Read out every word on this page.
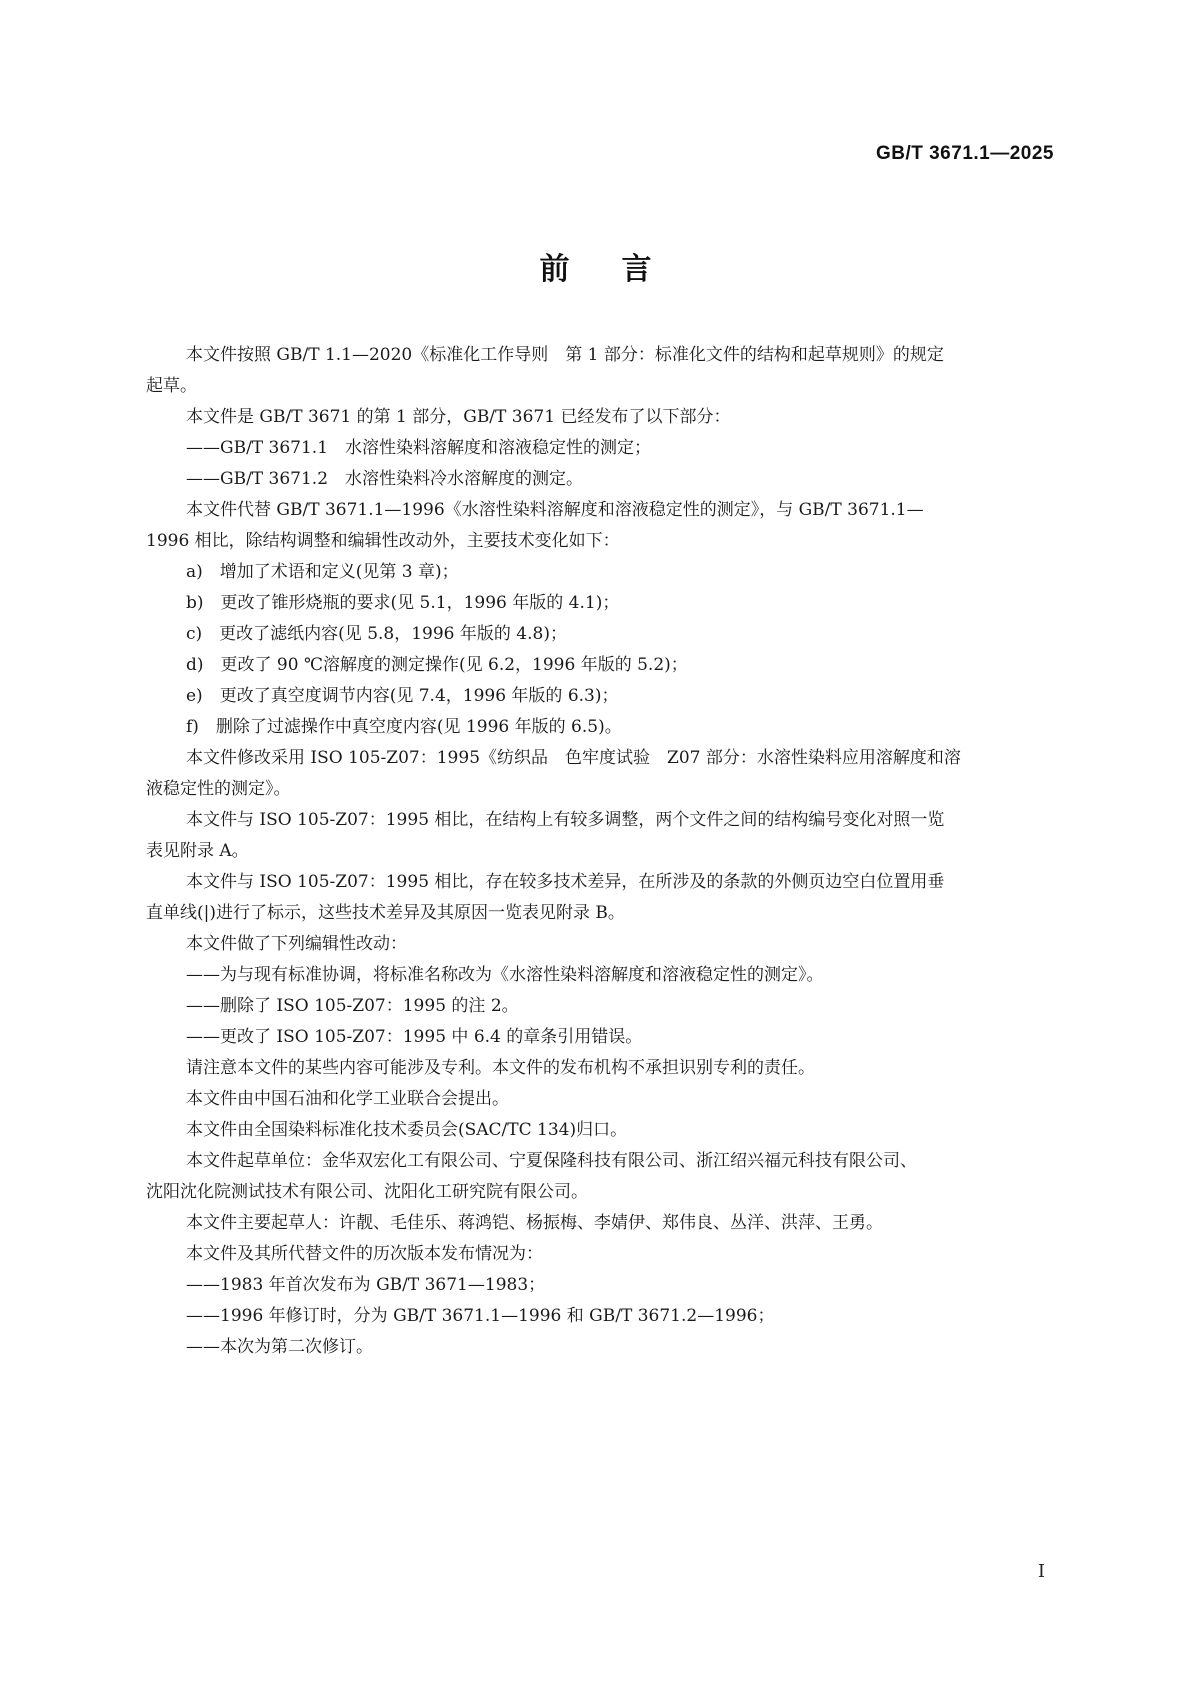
GB/T 3671.1—2025
前言
本文件按照 GB/T 1.1—2020《标准化工作导则　第 1 部分：标准化文件的结构和起草规则》的规定
起草。
本文件是 GB/T 3671 的第 1 部分，GB/T 3671 已经发布了以下部分：
——GB/T 3671.1　水溶性染料溶解度和溶液稳定性的测定；
——GB/T 3671.2　水溶性染料冷水溶解度的测定。
本文件代替 GB/T 3671.1—1996《水溶性染料溶解度和溶液稳定性的测定》，与 GB/T 3671.1—
1996 相比，除结构调整和编辑性改动外，主要技术变化如下：
a)　增加了术语和定义(见第 3 章)；
b)　更改了锥形烧瓶的要求(见 5.1，1996 年版的 4.1)；
c)　更改了滤纸内容(见 5.8，1996 年版的 4.8)；
d)　更改了 90 ℃溶解度的测定操作(见 6.2，1996 年版的 5.2)；
e)　更改了真空度调节内容(见 7.4，1996 年版的 6.3)；
f)　删除了过滤操作中真空度内容(见 1996 年版的 6.5)。
本文件修改采用 ISO 105-Z07：1995《纺织品　色牢度试验　Z07 部分：水溶性染料应用溶解度和溶
液稳定性的测定》。
本文件与 ISO 105-Z07：1995 相比，在结构上有较多调整，两个文件之间的结构编号变化对照一览
表见附录 A。
本文件与 ISO 105-Z07：1995 相比，存在较多技术差异，在所涉及的条款的外侧页边空白位置用垂
直单线(|)进行了标示，这些技术差异及其原因一览表见附录 B。
本文件做了下列编辑性改动：
——为与现有标准协调，将标准名称改为《水溶性染料溶解度和溶液稳定性的测定》。
——删除了 ISO 105-Z07：1995 的注 2。
——更改了 ISO 105-Z07：1995 中 6.4 的章条引用错误。
请注意本文件的某些内容可能涉及专利。本文件的发布机构不承担识别专利的责任。
本文件由中国石油和化学工业联合会提出。
本文件由全国染料标准化技术委员会(SAC/TC 134)归口。
本文件起草单位：金华双宏化工有限公司、宁夏保隆科技有限公司、浙江绍兴福元科技有限公司、
沈阳沈化院测试技术有限公司、沈阳化工研究院有限公司。
本文件主要起草人：许靓、毛佳乐、蒋鸿铠、杨振梅、李婧伊、郑伟良、丛洋、洪萍、王勇。
本文件及其所代替文件的历次版本发布情况为：
——1983 年首次发布为 GB/T 3671—1983；
——1996 年修订时，分为 GB/T 3671.1—1996 和 GB/T 3671.2—1996；
——本次为第二次修订。
I
